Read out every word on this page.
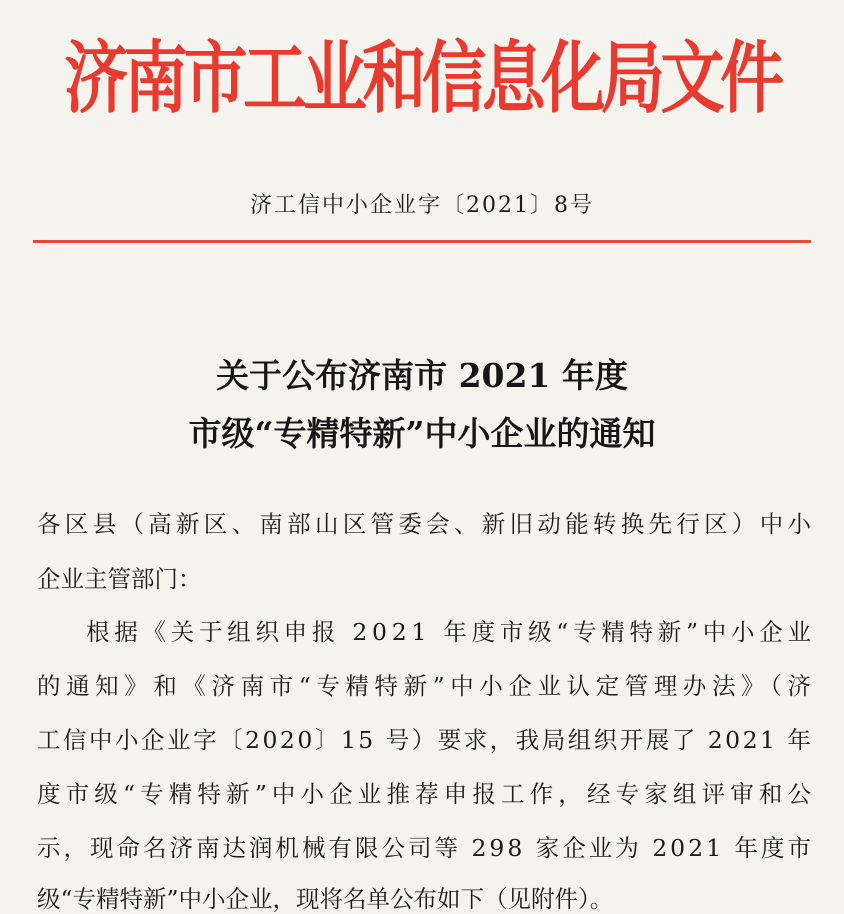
济南市工业和信息化局文件
济工信中小企业字〔2021〕8号
关于公布济南市 2021 年度
市级“专精特新”中小企业的通知
各区县（高新区、南部山区管委会、新旧动能转换先行区）中小
企业主管部门：
根据《关于组织申报 2021 年度市级“专精特新”中小企业
的通知》和《济南市“专精特新”中小企业认定管理办法》（济
工信中小企业字〔2020〕15 号）要求，我局组织开展了 2021 年
度市级“专精特新”中小企业推荐申报工作，经专家组评审和公
示，现命名济南达润机械有限公司等 298 家企业为 2021 年度市
级“专精特新”中小企业，现将名单公布如下（见附件）。
